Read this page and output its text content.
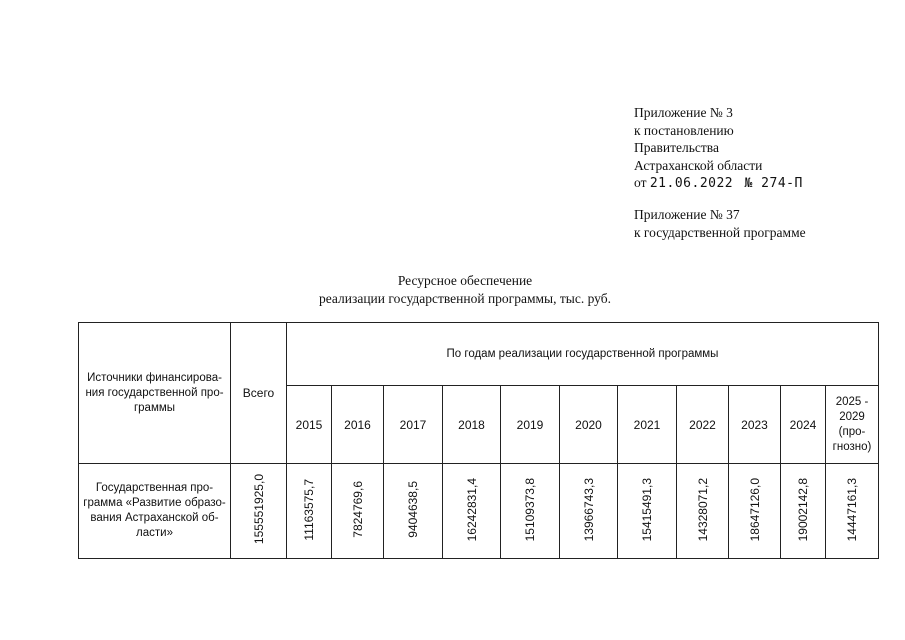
Приложение № 3
к постановлению
Правительства
Астраханской области
от 21.06.2022 № 274-П
Приложение № 37
к государственной программе
Ресурсное обеспечение
реализации государственной программы, тыс. руб.
Источники финансирова-ния государственной про-граммы	Всего	По годам реализации государственной программы										
		2015	2016	2017	2018	2019	2020	2021	2022	2023	2024	2025 - 2029 (про-гнозно)
Государственная про-грамма «Развитие образо-вания Астраханской об-ласти»	155551925,0	11163575,7	7824769,6	9404638,5	16242831,4	15109373,8	13966743,3	15415491,3	14328071,2	18647126,0	19002142,8	14447161,3
